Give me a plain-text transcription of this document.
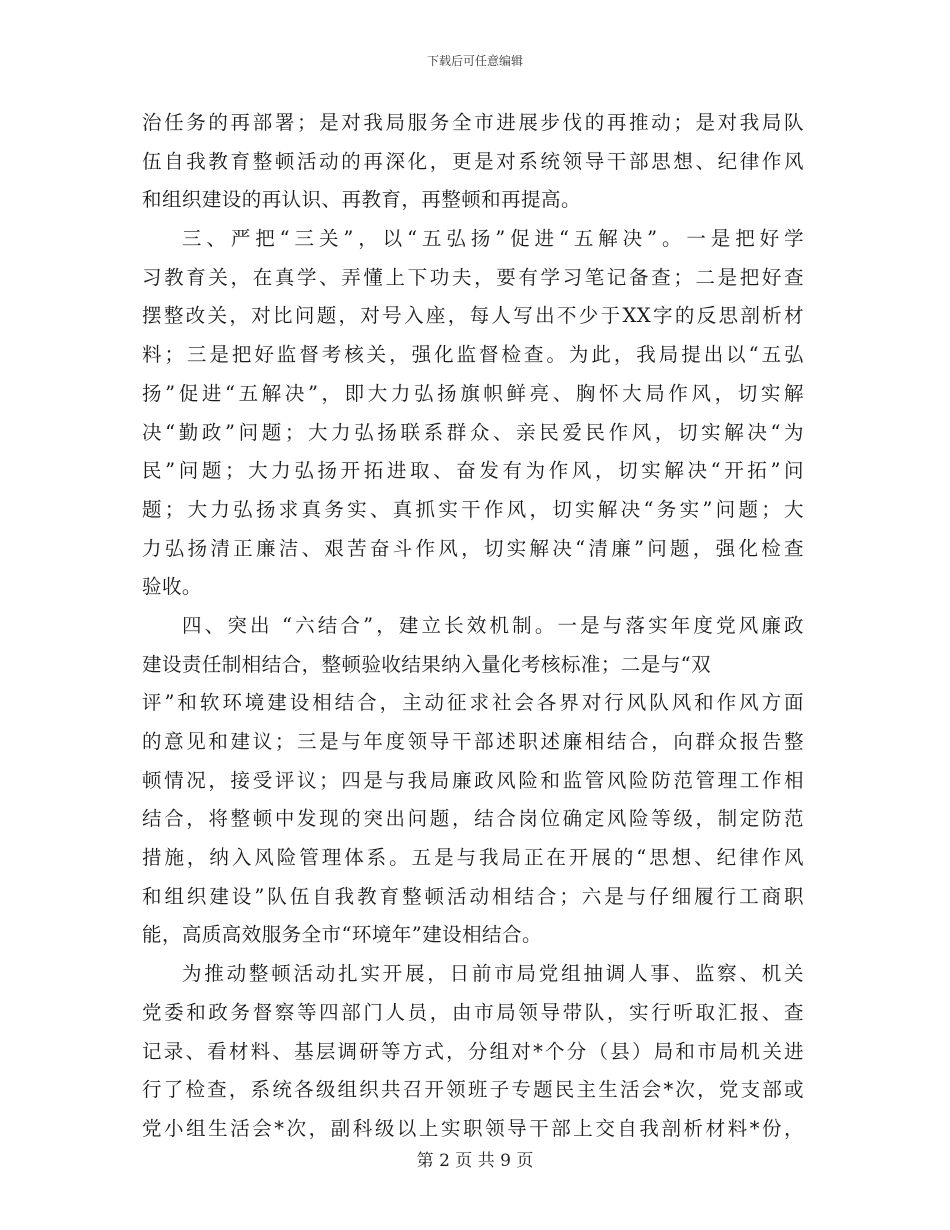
下载后可任意编辑
治任务的再部署；是对我局服务全市进展步伐的再推动；是对我局队
伍自我教育整顿活动的再深化，更是对系统领导干部思想、纪律作风
和组织建设的再认识、再教育，再整顿和再提高。
三、严把“三关”，以“五弘扬”促进“五解决”。一是把好学
习教育关，在真学、弄懂上下功夫，要有学习笔记备查；二是把好查
摆整改关，对比问题，对号入座，每人写出不少于XX字的反思剖析材
料；三是把好监督考核关，强化监督检查。为此，我局提出以“五弘
扬”促进“五解决”，即大力弘扬旗帜鲜亮、胸怀大局作风，切实解
决“勤政”问题；大力弘扬联系群众、亲民爱民作风，切实解决“为
民”问题；大力弘扬开拓进取、奋发有为作风，切实解决“开拓”问
题；大力弘扬求真务实、真抓实干作风，切实解决“务实”问题；大
力弘扬清正廉洁、艰苦奋斗作风，切实解决“清廉”问题，强化检查
验收。
四、突出 “六结合”，建立长效机制。一是与落实年度党风廉政
建设责任制相结合，整顿验收结果纳入量化考核标准；二是与“双
评”和软环境建设相结合，主动征求社会各界对行风队风和作风方面
的意见和建议；三是与年度领导干部述职述廉相结合，向群众报告整
顿情况，接受评议；四是与我局廉政风险和监管风险防范管理工作相
结合，将整顿中发现的突出问题，结合岗位确定风险等级，制定防范
措施，纳入风险管理体系。五是与我局正在开展的“思想、纪律作风
和组织建设”队伍自我教育整顿活动相结合；六是与仔细履行工商职
能，高质高效服务全市“环境年”建设相结合。
为推动整顿活动扎实开展，日前市局党组抽调人事、监察、机关
党委和政务督察等四部门人员，由市局领导带队，实行听取汇报、查
记录、看材料、基层调研等方式，分组对*个分（县）局和市局机关进
行了检查，系统各级组织共召开领班子专题民主生活会*次，党支部或
党小组生活会*次，副科级以上实职领导干部上交自我剖析材料*份，
第 2 页 共 9 页
